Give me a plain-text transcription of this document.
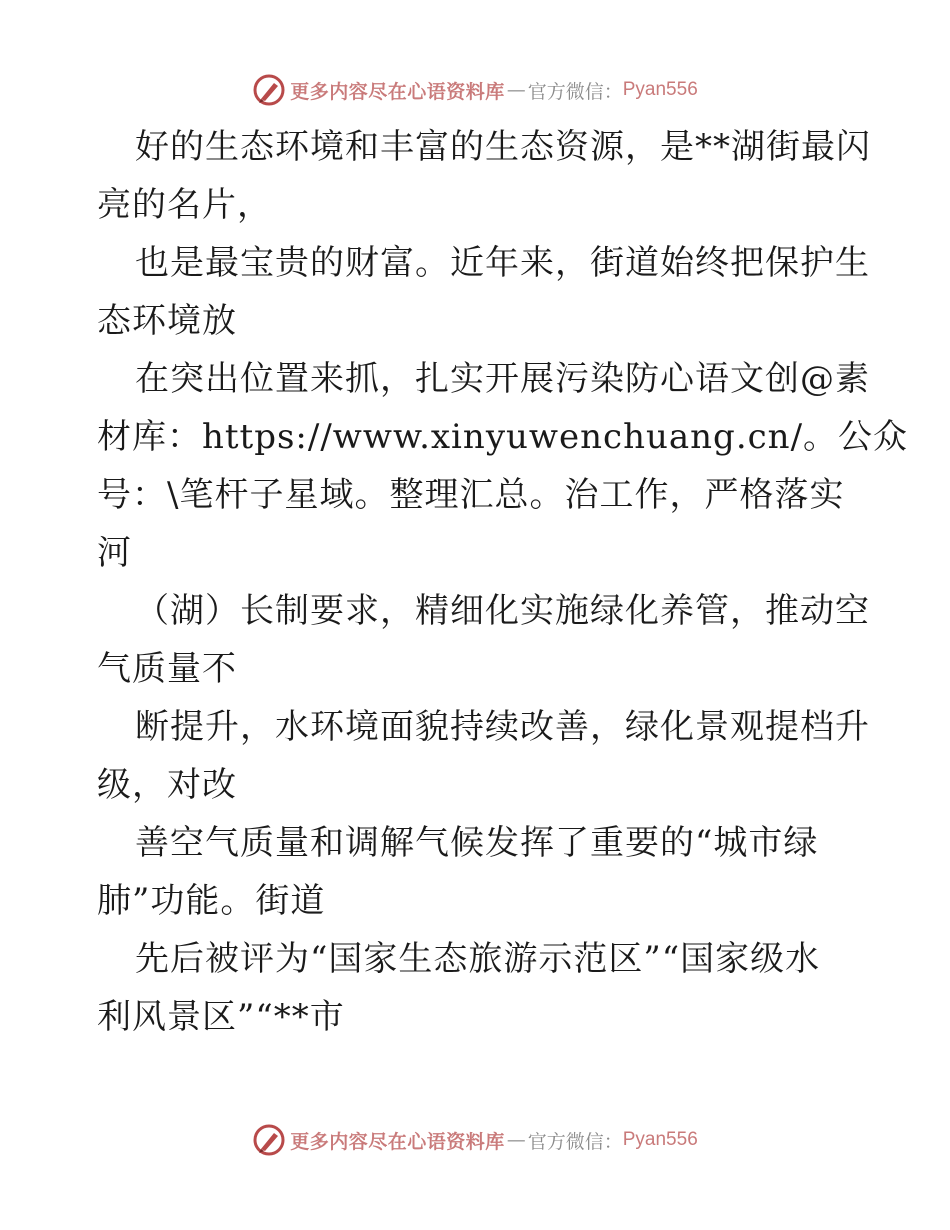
更多内容尽在心语资料库 — 官方微信： Pyan556
好的生态环境和丰富的生态资源，是**湖街最闪
亮的名片，
也是最宝贵的财富。近年来，街道始终把保护生
态环境放
在突出位置来抓，扎实开展污染防心语文创@素
材库：https://www.xinyuwenchuang.cn/。公众
号：\笔杆子星域。整理汇总。治工作，严格落实
河
（湖）长制要求，精细化实施绿化养管，推动空
气质量不
断提升，水环境面貌持续改善，绿化景观提档升
级，对改
善空气质量和调解气候发挥了重要的“城市绿
肺”功能。街道
先后被评为“国家生态旅游示范区”“国家级水
利风景区”“**市
更多内容尽在心语资料库 — 官方微信： Pyan556
